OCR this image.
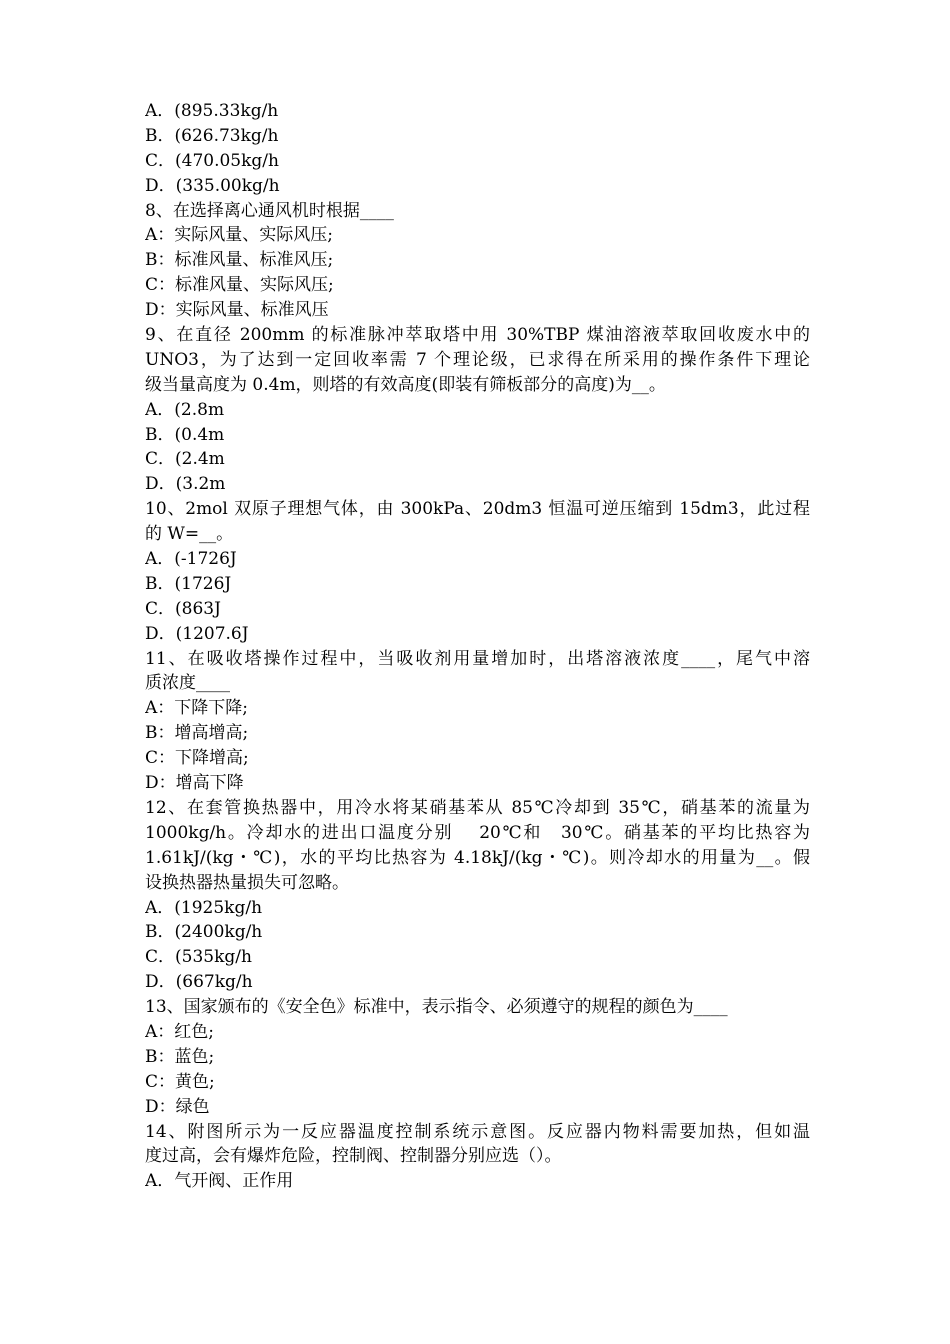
A．(895.33kg/h
B．(626.73kg/h
C．(470.05kg/h
D．(335.00kg/h
8、在选择离心通风机时根据____
A：实际风量、实际风压;
B：标准风量、标准风压;
C：标准风量、实际风压;
D：实际风量、标准风压
9、在直径 200mm 的标准脉冲萃取塔中用 30%TBP 煤油溶液萃取回收废水中的
UNO3，为了达到一定回收率需 7 个理论级，已求得在所采用的操作条件下理论
级当量高度为 0.4m，则塔的有效高度(即装有筛板部分的高度)为__。
A．(2.8m
B．(0.4m
C．(2.4m
D．(3.2m
10、2mol 双原子理想气体，由 300kPa、20dm3 恒温可逆压缩到 15dm3，此过程
的 W=__。
A．(-1726J
B．(1726J
C．(863J
D．(1207.6J
11、在吸收塔操作过程中，当吸收剂用量增加时，出塔溶液浓度____，尾气中溶
质浓度____
A：下降下降;
B：增高增高;
C：下降增高;
D：增高下降
12、在套管换热器中，用冷水将某硝基苯从 85℃冷却到 35℃，硝基苯的流量为
1000kg/h。冷却水的进出口温度分别　 20℃和　30℃。硝基苯的平均比热容为
1.61kJ/(kg・℃)，水的平均比热容为 4.18kJ/(kg・℃)。则冷却水的用量为__。假
设换热器热量损失可忽略。
A．(1925kg/h
B．(2400kg/h
C．(535kg/h
D．(667kg/h
13、国家颁布的《安全色》标准中，表示指令、必须遵守的规程的颜色为____
A：红色;
B：蓝色;
C：黄色;
D：绿色
14、附图所示为一反应器温度控制系统示意图。反应器内物料需要加热，但如温
度过高，会有爆炸危险，控制阀、控制器分别应选（）。
A．气开阀、正作用
